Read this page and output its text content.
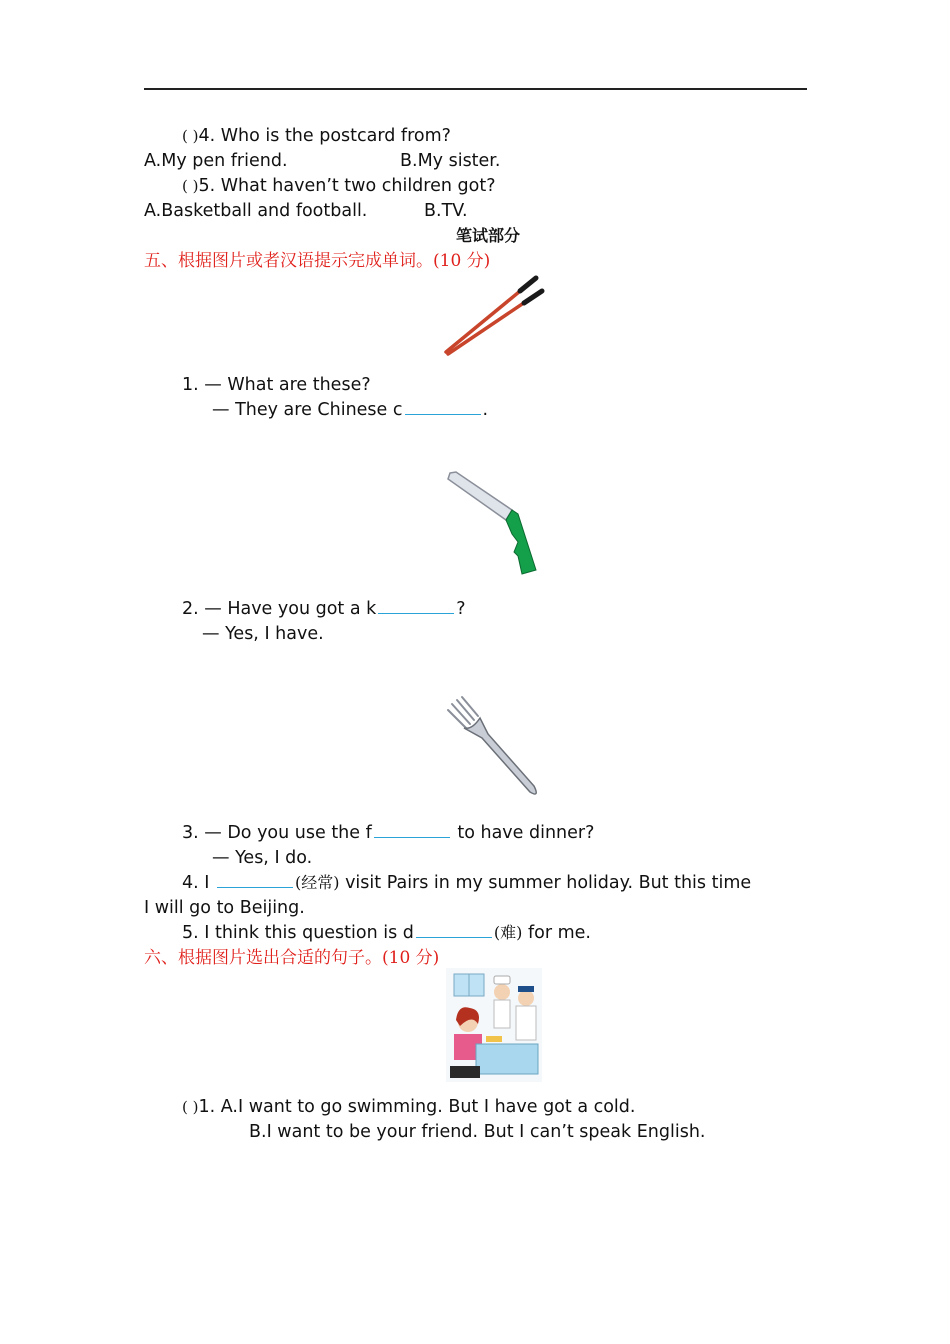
( )4. Who is the postcard from?
A.My pen friend.	B.My sister.
( )5. What haven’t two children got?
A.Basketball and football.	B.TV.
笔试部分
五、根据图片或者汉语提示完成单词。(10 分)
1. — What are these?
— They are Chinese c	.
2. — Have you got a k	?
— Yes, I have.
3. — Do you use the f	to have dinner?
— Yes, I do.
4. I	(经常) visit Pairs in my summer holiday. But this time
I will go to Beijing.
5. I think this question is d	(难) for me.
六、根据图片选出合适的句子。(10 分)
( )1. A.I want to go swimming. But I have got a cold.
B.I want to be your friend. But I can’t speak English.
